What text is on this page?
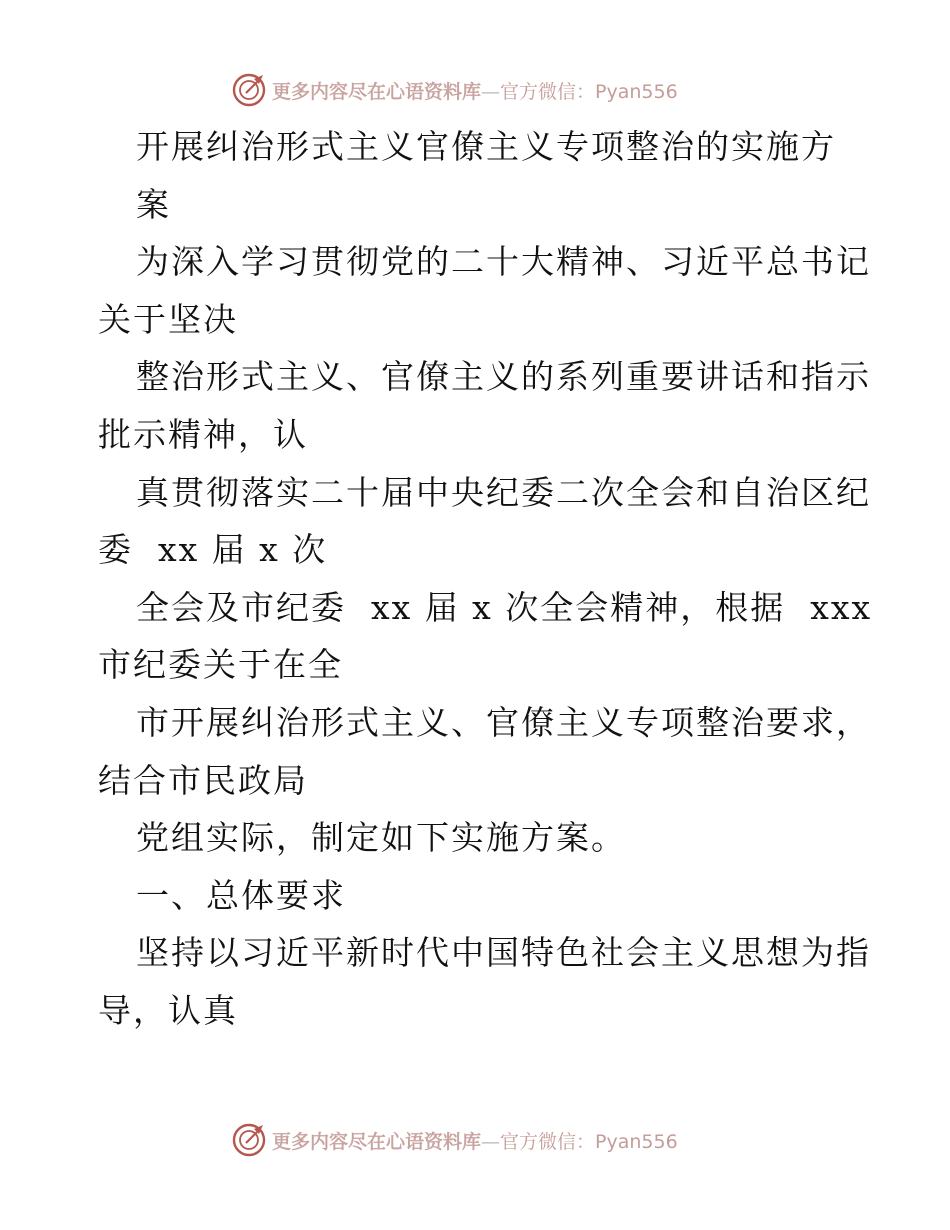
更多内容尽在心语资料库—官方微信：Pyan556
开展纠治形式主义官僚主义专项整治的实施方
案
为深入学习贯彻党的二十大精神、习近平总书记
关于坚决
整治形式主义、官僚主义的系列重要讲话和指示
批示精神，认
真贯彻落实二十届中央纪委二次全会和自治区纪
委  xx 届 x 次
全会及市纪委  xx 届 x 次全会精神，根据  xxx
市纪委关于在全
市开展纠治形式主义、官僚主义专项整治要求，
结合市民政局
党组实际，制定如下实施方案。
一、总体要求
坚持以习近平新时代中国特色社会主义思想为指
导，认真
更多内容尽在心语资料库—官方微信：Pyan556
